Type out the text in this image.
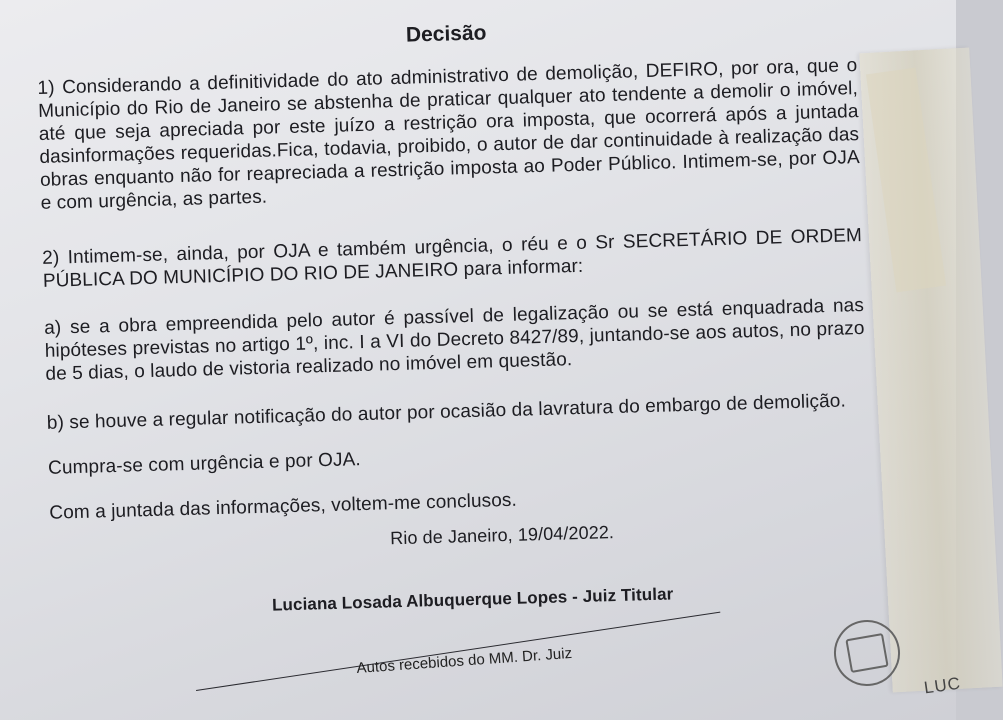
Decisão

1) Considerando a definitividade do ato administrativo de demolição, DEFIRO, por ora, que o Município do Rio de Janeiro se abstenha de praticar qualquer ato tendente a demolir o imóvel, até que seja apreciada por este juízo a restrição ora imposta, que ocorrerá após a juntada dasinformações requeridas.Fica, todavia, proibido, o autor de dar continuidade à realização das obras enquanto não for reapreciada a restrição imposta ao Poder Público. Intimem-se, por OJA e com urgência, as partes.

2) Intimem-se, ainda, por OJA e também urgência, o réu e o Sr SECRETÁRIO DE ORDEM PÚBLICA DO MUNICÍPIO DO RIO DE JANEIRO para informar:

a) se a obra empreendida pelo autor é passível de legalização ou se está enquadrada nas hipóteses previstas no artigo 1º, inc. I a VI do Decreto 8427/89, juntando-se aos autos, no prazo de 5 dias, o laudo de vistoria realizado no imóvel em questão.

b) se houve a regular notificação do autor por ocasião da lavratura do embargo de demolição.

Cumpra-se com urgência e por OJA.

Com a juntada das informações, voltem-me conclusos.

Rio de Janeiro, 19/04/2022.

Luciana Losada Albuquerque Lopes - Juiz Titular

Autos recebidos do MM. Dr. Juiz
LUC
